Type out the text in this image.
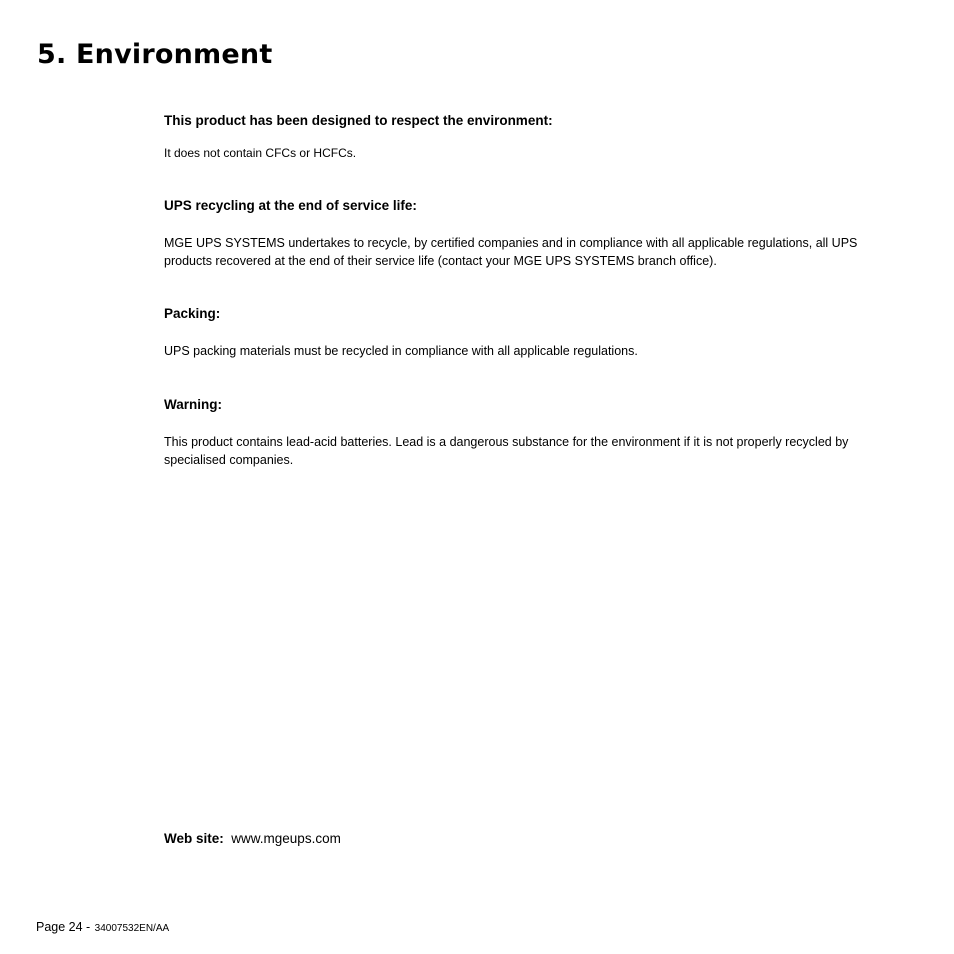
5. Environment
This product has been designed to respect the environment:

It does not contain CFCs or HCFCs.

UPS recycling at the end of service life:

MGE UPS SYSTEMS undertakes to recycle, by certified companies and in compliance with all applicable regulations, all UPS products recovered at the end of their service life (contact your MGE UPS SYSTEMS branch office).

Packing:

UPS packing materials must be recycled in compliance with all applicable regulations.

Warning:

This product contains lead-acid batteries. Lead is a dangerous substance for the environment if it is not properly recycled by specialised companies.

Web site: www.mgeups.com
Page 24 - 34007532EN/AA
